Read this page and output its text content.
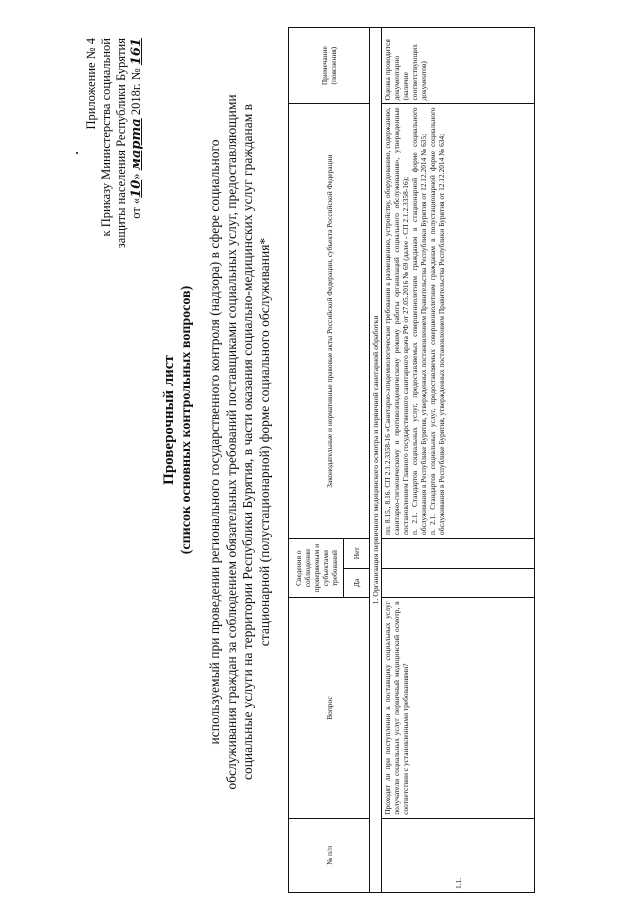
Приложение № 4 к Приказу Министерства социальной защиты населения Республики Бурятия от «10» марта 2018г. № 161
Проверочный лист (список основных контрольных вопросов) используемый при проведении регионального государственного контроля (надзора) в сфере социального обслуживания граждан за соблюдением обязательных требований поставщиками социальных услуг, предоставляющими социальные услуги на территории Республики Бурятия, в части оказания социально-медицинских услуг гражданам в стационарной (полустационарной) форме социального обслуживания*
№ п/п	Вопрос	Сведения о соблюдении проверяемым и субъектами требований		Законодательные и нормативные правовые акты Российской Федерации, субъекта Российской Федерации	Примечание (пояснения)
		Да	Нет		
1. Организация первичного медицинского осмотра и первичной санитарной обработки					
1.1.	Проходят ли при поступлении к поставщику социальных услуг получатели социальных услуг первичный медицинский осмотр, в соответствии с установленными требованиями?			пп. 8.15., 8.16. СП 2.1.2.3358-16 «Санитарно-эпидемиологические требования к размещению, устройству, оборудованию, содержанию, санитарно-гигиеническому и противоэпидемическому режиму работы организаций социального обслуживания», утвержденные постановлением Главного государственного санитарного врача РФ от 27.05.2016 № 69 (далее - СП 2.1.2.3358-16); п. 2.1. Стандартов социальных услуг, предоставляемых совершеннолетним гражданам в стационарной форме социального обслуживания в Республике Бурятия, утвержденных постановлением Правительства Республики Бурятия от 12.12.2014 № 635; п. 2.1. Стандартов социальных услуг, предоставляемых совершеннолетним гражданам в полустационарной форме социального обслуживания в Республике Бурятия, утвержденных постановлением Правительства Республики Бурятия от 12.12.2014 № 634;	Оценка проводится документарно (наличие соответствующих документов)
